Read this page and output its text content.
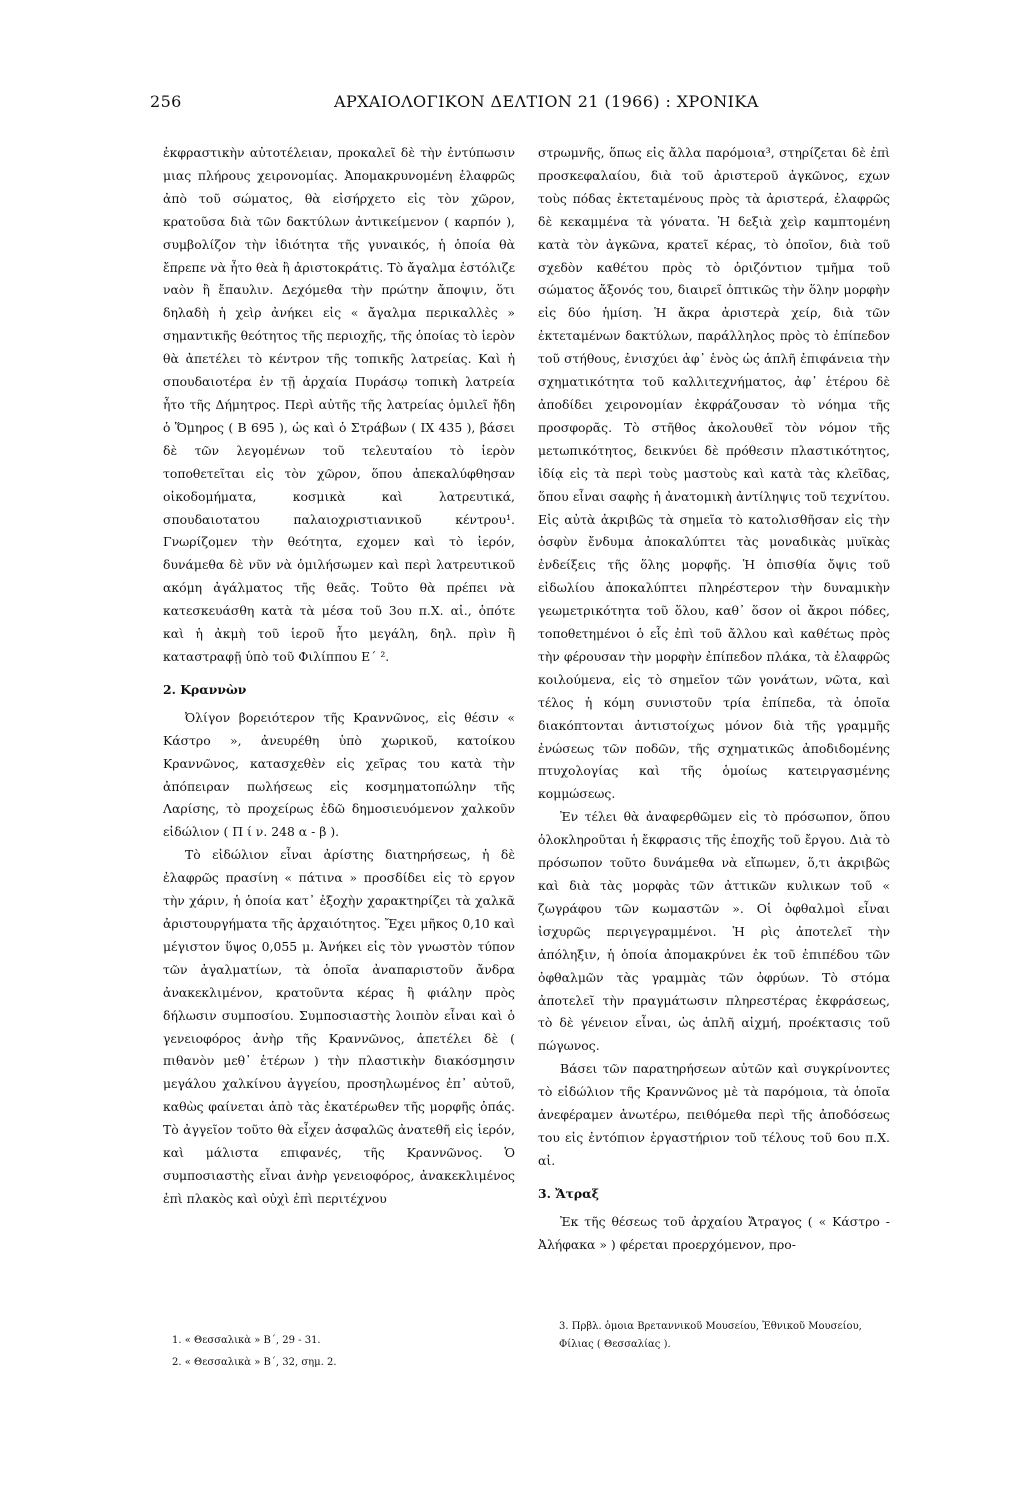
256	ΑΡΧΑΙΟΛΟΓΙΚΟΝ ΔΕΛΤΙΟΝ 21 (1966) : ΧΡΟΝΙΚΑ

ἐκφραστικὴν αὐτοτέλειαν, προκαλεῖ δὲ τὴν ἐντύπωσιν μιας πλήρους χειρονομίας. Ἀπομακρυνομένη ἐλαφρῶς ἀπὸ τοῦ σώματος, θὰ εἰσήρχετο εἰς τὸν χῶρον, κρατοῦσα διὰ τῶν δακτύλων ἀντικείμενον ( καρπόν ), συμβολίζον τὴν ἰδιότητα τῆς γυναικός, ἡ ὁποία θὰ ἔπρεπε νὰ ἦτο θεὰ ἢ ἀριστοκράτις. Τὸ ἄγαλμα ἐστόλιζε ναὸν ἢ ἔπαυλιν. Δεχόμεθα τὴν πρώτην ἄποψιν, ὅτι δηλαδὴ ἡ χεὶρ ἀνήκει εἰς « ἄγαλμα περικαλλὲς » σημαντικῆς θεότητος τῆς περιοχῆς, τῆς ὁποίας τὸ ἱερὸν θὰ ἀπετέλει τὸ κέντρον τῆς τοπικῆς λατρείας. Καὶ ἡ σπουδαιοτέρα ἐν τῇ ἀρχαία Πυράσῳ τοπικὴ λατρεία ἦτο τῆς Δήμητρος. Περὶ αὐτῆς τῆς λατρείας ὁμιλεῖ ἤδη ὁ Ὅμηρος ( Β 695 ), ὡς καὶ ὁ Στράβων ( ΙΧ 435 ), βάσει δὲ τῶν λεγομένων τοῦ τελευταίου τὸ ἱερὸν τοποθετεῖται εἰς τὸν χῶρον, ὅπου ἀπεκαλύφθησαν οἰκοδομήματα, κοσμικὰ καὶ λατρευτικά, σπουδαιοτατου παλαιοχριστιανικοῦ κέντρου¹. Γνωρίζομεν τὴν θεότητα, εχομεν καὶ τὸ ἱερόν, δυνάμεθα δὲ νῦν νὰ ὁμιλήσωμεν καὶ περὶ λατρευτικοῦ ακόμη ἀγάλματος τῆς θεᾶς. Τοῦτο θὰ πρέπει νὰ κατεσκευάσθη κατὰ τὰ μέσα τοῦ 3ου π.Χ. αἰ., ὁπότε καὶ ἡ ἀκμὴ τοῦ ἱεροῦ ἦτο μεγάλη, δηλ. πρὶν ἢ καταστραφῇ ὑπὸ τοῦ Φιλίππου Ε΄ ².

2. Κραννὼν

Ὀλίγον βορειότερον τῆς Κραννῶνος, εἰς θέσιν « Κάστρο », ἀνευρέθη ὑπὸ χωρικοῦ, κατοίκου Κραννῶνος, κατασχεθὲν εἰς χεῖρας του κατὰ τὴν ἀπόπειραν πωλήσεως εἰς κοσμηματοπώλην τῆς Λαρίσης, τὸ προχείρως ἐδῶ δημοσιευόμενον χαλκοῦν εἰδώλιον ( Π ί ν. 248 α - β ).

Τὸ εἰδώλιον εἶναι ἀρίστης διατηρήσεως, ἡ δὲ ἐλαφρῶς πρασίνη « πάτινα » προσδίδει εἰς τὸ εργον τὴν χάριν, ἡ ὁποία κατ᾽ ἐξοχὴν χαρακτηρίζει τὰ χαλκᾶ ἀριστουργήματα τῆς ἀρχαιότητος. Ἔχει μῆκος 0,10 καὶ μέγιστον ὕψος 0,055 μ. Ἀνήκει εἰς τὸν γνωστὸν τύπον τῶν ἀγαλματίων, τὰ ὁποῖα ἀναπαριστοῦν ἄνδρα ἀνακεκλιμένον, κρατοῦντα κέρας ἢ φιάλην πρὸς δήλωσιν συμποσίου. Συμποσιαστὴς λοιπὸν εἶναι καὶ ὁ γενειοφόρος ἀνὴρ τῆς Κραννῶνος, ἀπετέλει δὲ ( πιθανὸν μεθ᾽ ἑτέρων ) τὴν πλαστικὴν διακόσμησιν μεγάλου χαλκίνου ἀγγείου, προσηλωμένος ἐπ᾽ αὐτοῦ, καθὼς φαίνεται ἀπὸ τὰς ἑκατέρωθεν τῆς μορφῆς ὀπάς. Τὸ ἀγγεῖον τοῦτο θὰ εἶχεν ἀσφαλῶς ἀνατεθῆ εἰς ἱερόν, καὶ μάλιστα επιφανές, τῆς Κραννῶνος. Ὁ συμποσιαστὴς εἶναι ἀνὴρ γενειοφόρος, ἀνακεκλιμένος ἐπὶ πλακὸς καὶ οὐχὶ ἐπὶ περιτέχνου

στρωμνῆς, ὅπως εἰς ἄλλα παρόμοια³, στηρίζεται δὲ ἐπὶ προσκεφαλαίου, διὰ τοῦ ἀριστεροῦ ἀγκῶνος, εχων τοὺς πόδας ἐκτεταμένους πρὸς τὰ ἀριστερά, ἐλαφρῶς δὲ κεκαμμένα τὰ γόνατα. Ἡ δεξιὰ χεὶρ καμπτομένη κατὰ τὸν ἀγκῶνα, κρατεῖ κέρας, τὸ ὁποῖον, διὰ τοῦ σχεδὸν καθέτου πρὸς τὸ ὁριζόντιον τμῆμα τοῦ σώματος ἄξονός του, διαιρεῖ ὀπτικῶς τὴν ὅλην μορφὴν εἰς δύο ἡμίση. Ἡ ἄκρα ἀριστερὰ χείρ, διὰ τῶν ἐκτεταμένων δακτύλων, παράλληλος πρὸς τὸ ἐπίπεδον τοῦ στήθους, ἐνισχύει ἀφ᾽ ἑνὸς ὡς ἁπλῆ ἐπιφάνεια τὴν σχηματικότητα τοῦ καλλιτεχνήματος, ἀφ᾽ ἑτέρου δὲ ἀποδίδει χειρονομίαν ἐκφράζουσαν τὸ νόημα τῆς προσφορᾶς. Τὸ στῆθος ἀκολουθεῖ τὸν νόμον τῆς μετωπικότητος, δεικνύει δὲ πρόθεσιν πλαστικότητος, ἰδίᾳ εἰς τὰ περὶ τοὺς μαστοὺς καὶ κατὰ τὰς κλεῖδας, ὅπου εἶναι σαφὴς ἡ ἀνατομικὴ ἀντίληψις τοῦ τεχνίτου. Εἰς αὐτὰ ἀκριβῶς τὰ σημεῖα τὸ κατολισθῆσαν εἰς τὴν ὀσφὺν ἔνδυμα ἀποκαλύπτει τὰς μοναδικὰς μυϊκὰς ἐνδείξεις τῆς ὅλης μορφῆς. Ἡ ὀπισθία ὄψις τοῦ εἰδωλίου ἀποκαλύπτει πληρέστερον τὴν δυναμικὴν γεωμετρικότητα τοῦ ὅλου, καθ᾽ ὅσον οἱ ἄκροι πόδες, τοποθετημένοι ὁ εἷς ἐπὶ τοῦ ἄλλου καὶ καθέτως πρὸς τὴν φέρουσαν τὴν μορφὴν ἐπίπεδον πλάκα, τὰ ἐλαφρῶς κοιλούμενα, εἰς τὸ σημεῖον τῶν γονάτων, νῶτα, καὶ τέλος ἡ κόμη συνιστοῦν τρία ἐπίπεδα, τὰ ὁποῖα διακόπτονται ἀντιστοίχως μόνον διὰ τῆς γραμμῆς ἐνώσεως τῶν ποδῶν, τῆς σχηματικῶς ἀποδιδομένης πτυχολογίας καὶ τῆς ὁμοίως κατειργασμένης κομμώσεως.

Ἐν τέλει θὰ ἀναφερθῶμεν εἰς τὸ πρόσωπον, ὅπου ὁλοκληροῦται ἡ ἔκφρασις τῆς ἐποχῆς τοῦ ἔργου. Διὰ τὸ πρόσωπον τοῦτο δυνάμεθα νὰ εἴπωμεν, ὅ,τι ἀκριβῶς καὶ διὰ τὰς μορφὰς τῶν ἀττικῶν κυλικων τοῦ « ζωγράφου τῶν κωμαστῶν ». Οἱ ὀφθαλμοὶ εἶναι ἰσχυρῶς περιγεγραμμένοι. Ἡ ρὶς ἀποτελεῖ τὴν ἀπόληξιν, ἡ ὁποία ἀπομακρύνει ἐκ τοῦ ἐπιπέδου τῶν ὀφθαλμῶν τὰς γραμμὰς τῶν ὀφρύων. Τὸ στόμα ἀποτελεῖ τὴν πραγμάτωσιν πληρεστέρας ἐκφράσεως, τὸ δὲ γένειον εἶναι, ὡς ἁπλῆ αἰχμή, προέκτασις τοῦ πώγωνος.

Βάσει τῶν παρατηρήσεων αὐτῶν καὶ συγκρίνοντες τὸ εἰδώλιον τῆς Κραννῶνος μὲ τὰ παρόμοια, τὰ ὁποῖα ἀνεφέραμεν ἀνωτέρω, πειθόμεθα περὶ τῆς ἀποδόσεως του εἰς ἐντόπιον ἐργαστήριον τοῦ τέλους τοῦ 6ου π.Χ. αἰ.

3. Ἄτραξ

Ἐκ τῆς θέσεως τοῦ ἀρχαίου Ἄτραγος ( « Κάστρο - Ἀλήφακα » ) φέρεται προερχόμενον, προ-

1. « Θεσσαλικὰ » Β΄, 29 - 31.

2. « Θεσσαλικὰ » Β΄, 32, σημ. 2.

3. Πρβλ. ὁμοια Βρεταννικοῦ Μουσείου, Ἐθνικοῦ Μουσείου, Φίλιας ( Θεσσαλίας ).
